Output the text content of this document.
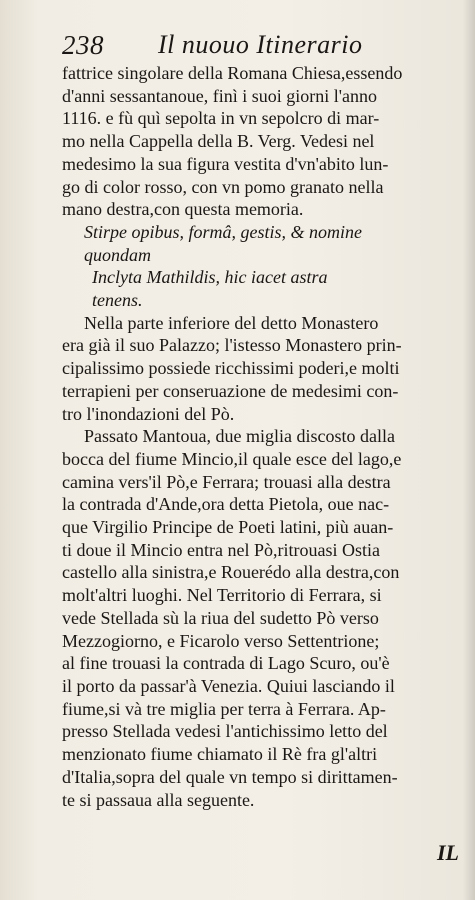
238 Il nuouo Itinerario
fattrice singolare della Romana Chiesa,essendo
d'anni sessantanoue, finì i suoi giorni l'anno
1116. e fù quì sepolta in vn sepolcro di mar-
mo nella Cappella della B. Verg. Vedesi nel
medesimo la sua figura vestita d'vn'abito lun-
go di color rosso, con vn pomo granato nella
mano destra,con questa memoria.
Stirpe opibus, formâ, gestis, & nomine
quondam
Inclyta Mathildis, hic iacet astra
tenens.
Nella parte inferiore del detto Monastero
era già il suo Palazzo; l'istesso Monastero prin-
cipalissimo possiede ricchissimi poderi,e molti
terrapieni per conseruazione de medesimi con-
tro l'inondazioni del Pò.
Passato Mantoua, due miglia discosto dalla
bocca del fiume Mincio,il quale esce del lago,e
camina vers'il Pò,e Ferrara; trouasi alla destra
la contrada d'Ande,ora detta Pietola, oue nac-
que Virgilio Principe de Poeti latini, più auan-
ti doue il Mincio entra nel Pò,ritrouasi Ostia
castello alla sinistra,e Rouerédo alla destra,con
molt'altri luoghi. Nel Territorio di Ferrara, si
vede Stellada sù la riua del sudetto Pò verso
Mezzogiorno, e Ficarolo verso Settentrione;
al fine trouasi la contrada di Lago Scuro, ou'è
il porto da passar'à Venezia. Quiui lasciando il
fiume,si và tre miglia per terra à Ferrara. Ap-
presso Stellada vedesi l'antichissimo letto del
menzionato fiume chiamato il Rè fra gl'altri
d'Italia,sopra del quale vn tempo si dirittamen-
te si passaua alla seguente.
IL
